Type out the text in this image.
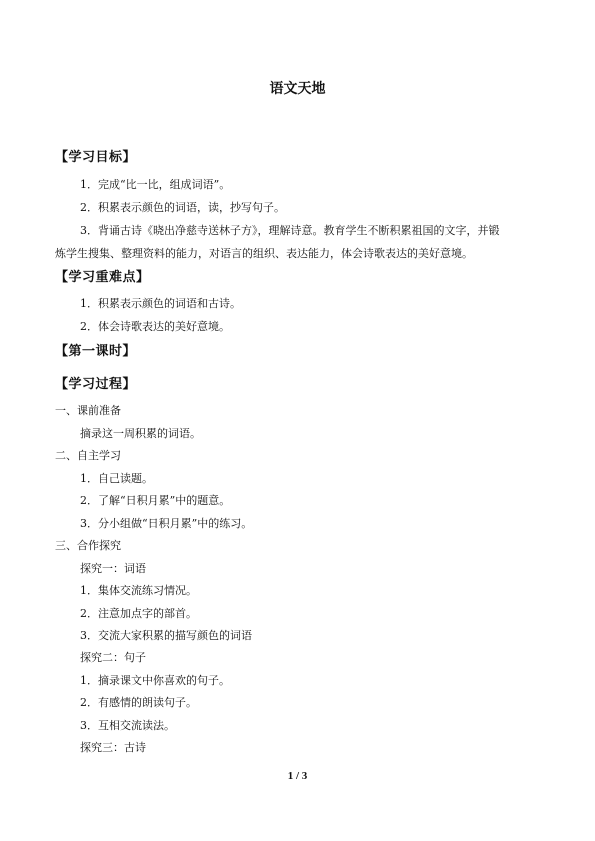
语文天地
【学习目标】
1．完成“比一比，组成词语”。
2．积累表示颜色的词语，读，抄写句子。
3．背诵古诗《晓出净慈寺送林子方》，理解诗意。教育学生不断积累祖国的文字，并锻
炼学生搜集、整理资料的能力，对语言的组织、表达能力，体会诗歌表达的美好意境。
【学习重难点】
1．积累表示颜色的词语和古诗。
2．体会诗歌表达的美好意境。
【第一课时】
【学习过程】
一、课前准备
摘录这一周积累的词语。
二、自主学习
1．自己读题。
2．了解“日积月累”中的题意。
3．分小组做“日积月累”中的练习。
三、合作探究
探究一：词语
1．集体交流练习情况。
2．注意加点字的部首。
3．交流大家积累的描写颜色的词语
探究二：句子
1．摘录课文中你喜欢的句子。
2．有感情的朗读句子。
3．互相交流读法。
探究三：古诗
1 / 3
